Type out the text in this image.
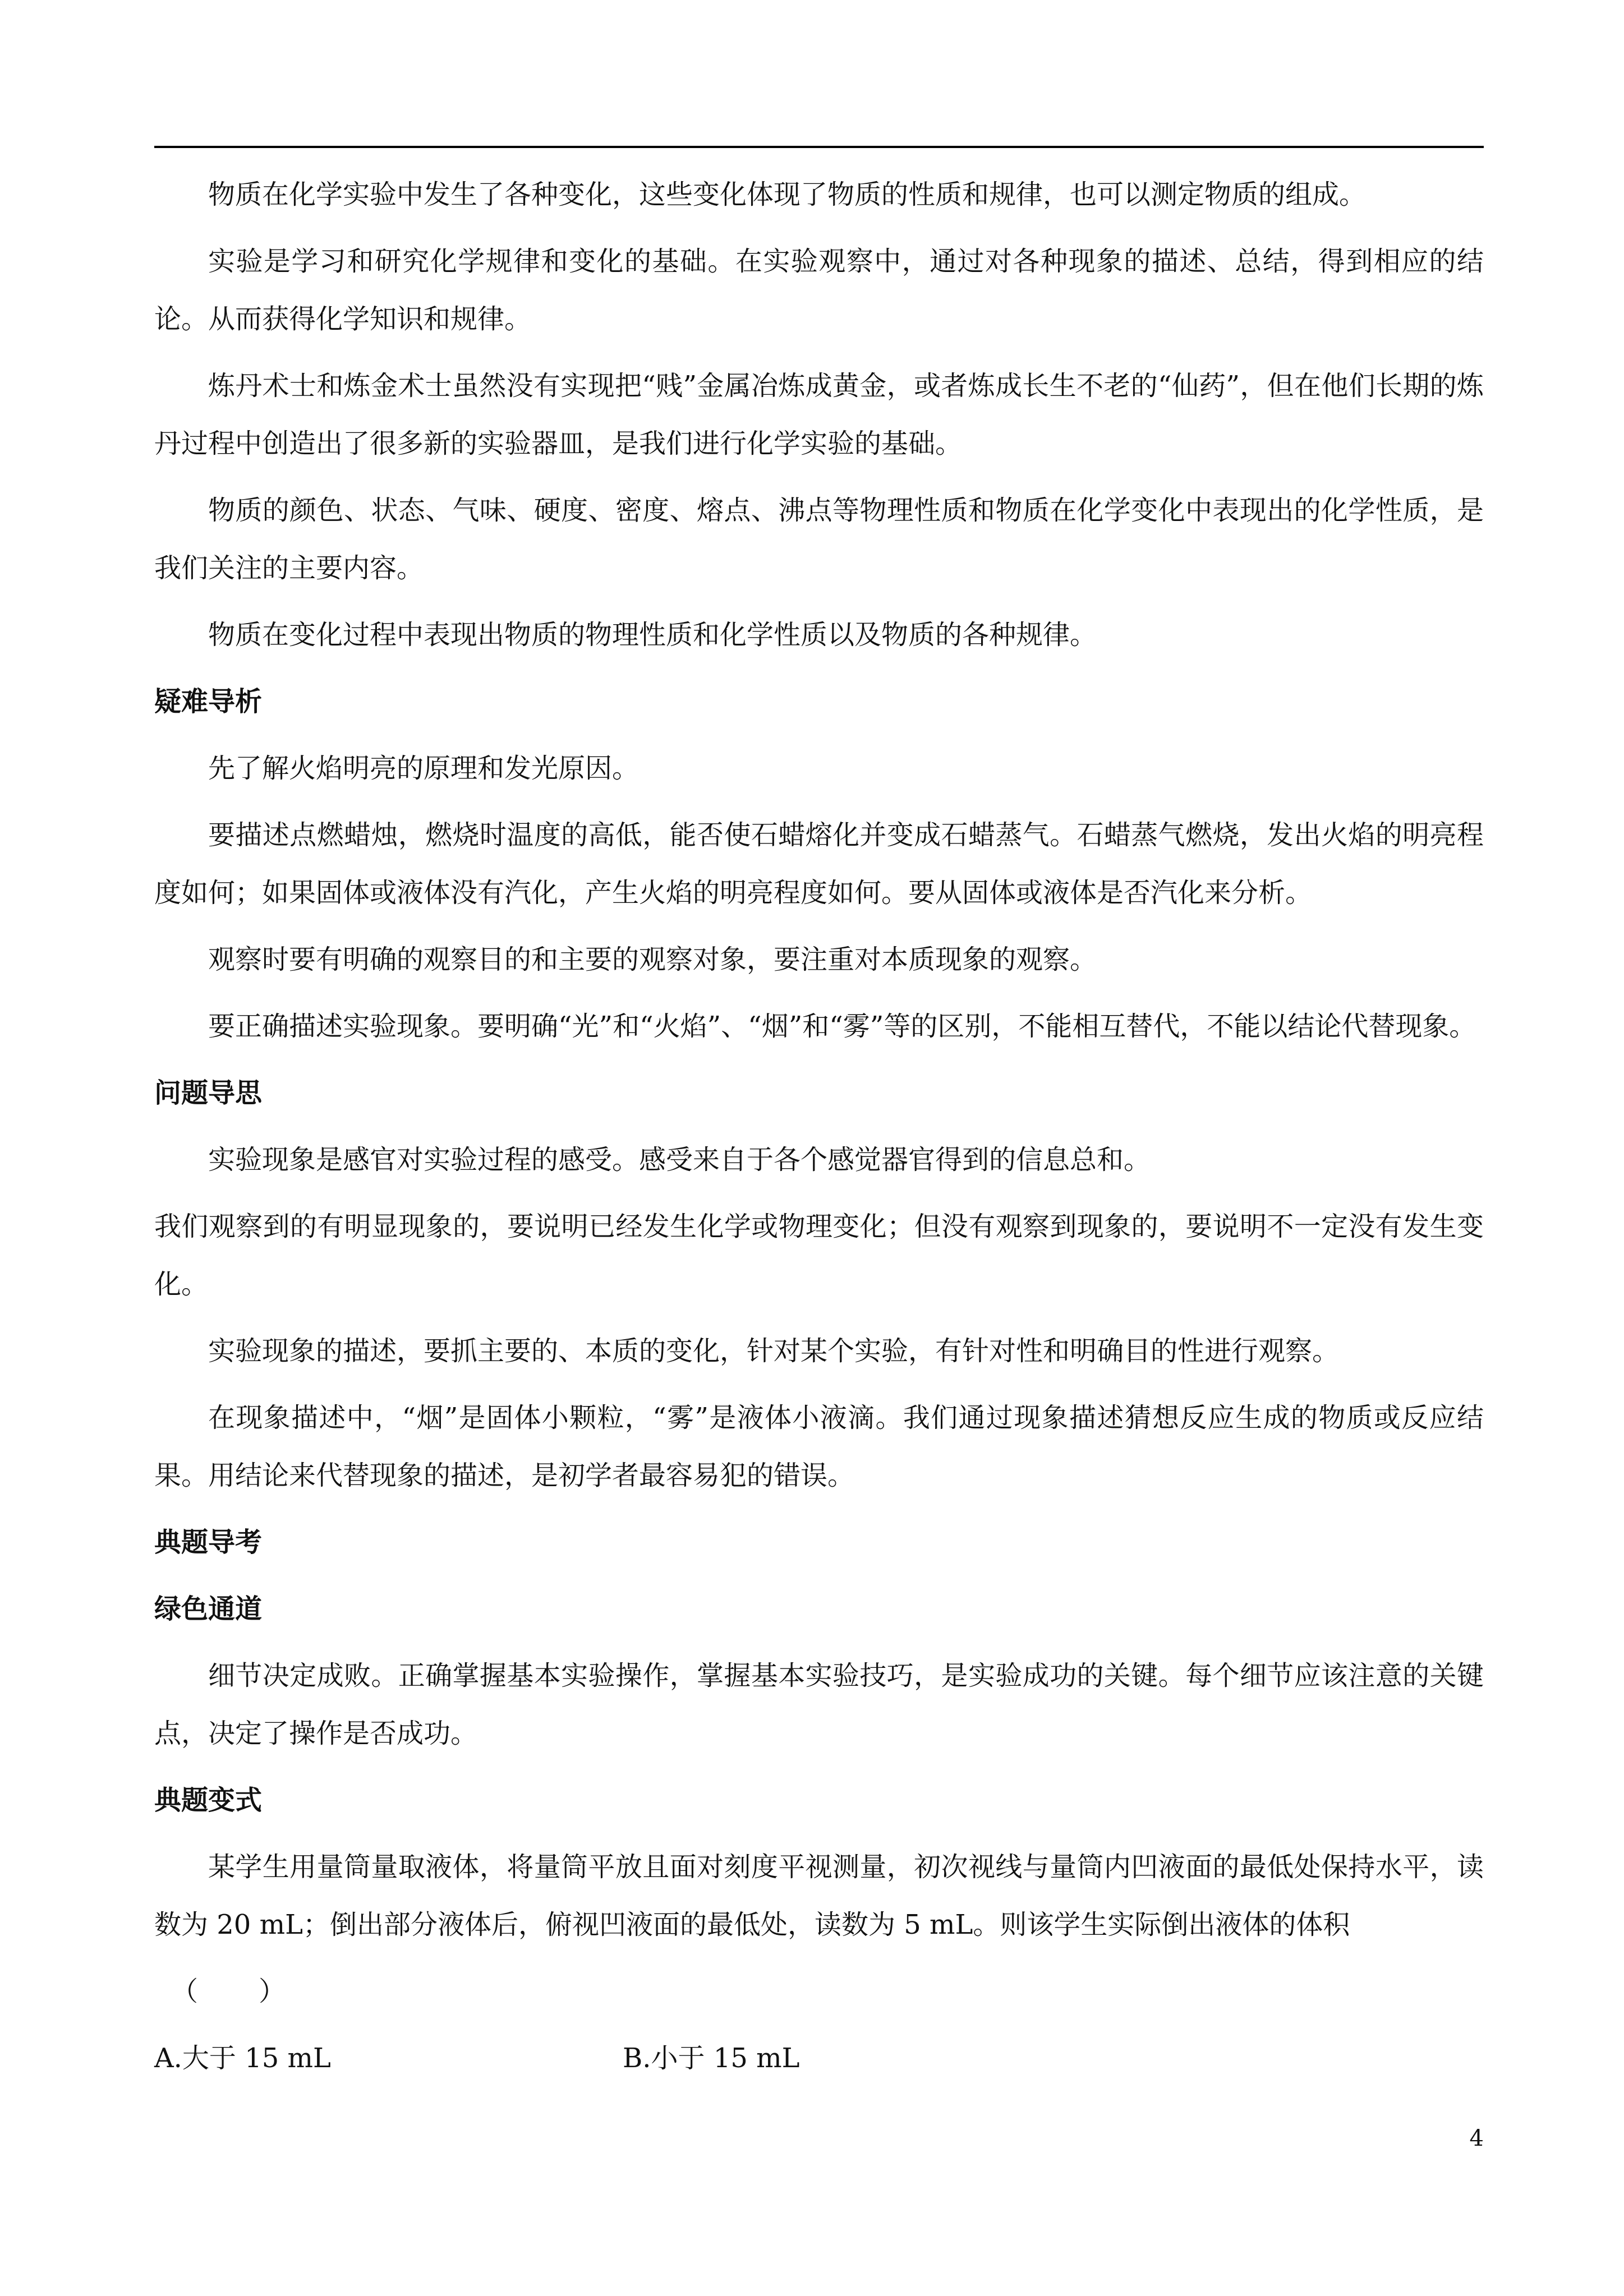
物质在化学实验中发生了各种变化，这些变化体现了物质的性质和规律，也可以测定物质的组成。

实验是学习和研究化学规律和变化的基础。在实验观察中，通过对各种现象的描述、总结，得到相应的结论。从而获得化学知识和规律。

炼丹术士和炼金术士虽然没有实现把“贱”金属冶炼成黄金，或者炼成长生不老的“仙药”，但在他们长期的炼丹过程中创造出了很多新的实验器皿，是我们进行化学实验的基础。

物质的颜色、状态、气味、硬度、密度、熔点、沸点等物理性质和物质在化学变化中表现出的化学性质，是我们关注的主要内容。

物质在变化过程中表现出物质的物理性质和化学性质以及物质的各种规律。

疑难导析

先了解火焰明亮的原理和发光原因。

要描述点燃蜡烛，燃烧时温度的高低，能否使石蜡熔化并变成石蜡蒸气。石蜡蒸气燃烧，发出火焰的明亮程度如何；如果固体或液体没有汽化，产生火焰的明亮程度如何。要从固体或液体是否汽化来分析。

观察时要有明确的观察目的和主要的观察对象，要注重对本质现象的观察。

要正确描述实验现象。要明确“光”和“火焰”、“烟”和“雾”等的区别，不能相互替代，不能以结论代替现象。

问题导思

实验现象是感官对实验过程的感受。感受来自于各个感觉器官得到的信息总和。

我们观察到的有明显现象的，要说明已经发生化学或物理变化；但没有观察到现象的，要说明不一定没有发生变化。

实验现象的描述，要抓主要的、本质的变化，针对某个实验，有针对性和明确目的性进行观察。

在现象描述中，“烟”是固体小颗粒，“雾”是液体小液滴。我们通过现象描述猜想反应生成的物质或反应结果。用结论来代替现象的描述，是初学者最容易犯的错误。

典题导考
绿色通道

细节决定成败。正确掌握基本实验操作，掌握基本实验技巧，是实验成功的关键。每个细节应该注意的关键点，决定了操作是否成功。

典题变式

某学生用量筒量取液体，将量筒平放且面对刻度平视测量，初次视线与量筒内凹液面的最低处保持水平，读数为 20 mL；倒出部分液体后，俯视凹液面的最低处，读数为 5 mL。则该学生实际倒出液体的体积

（　　）

A.大于 15 mL	B.小于 15 mL
4
